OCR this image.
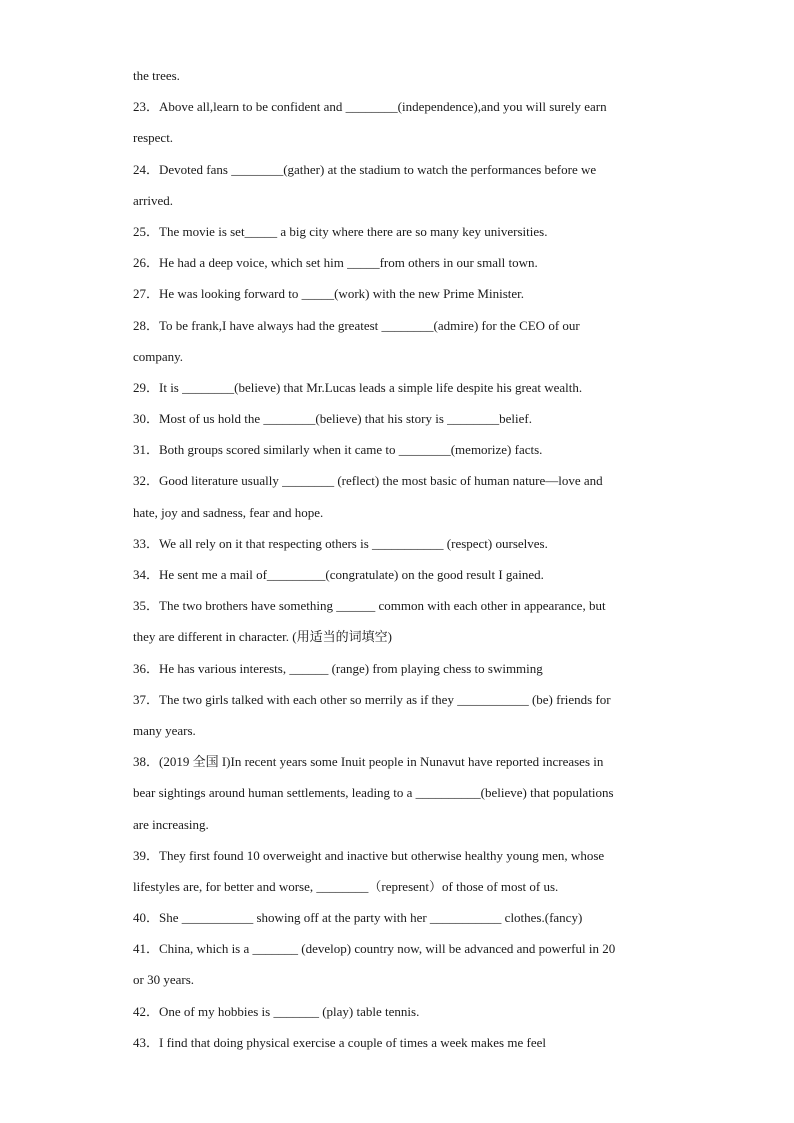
the trees.
23．Above all,learn to be confident and ________(independence),and you will surely earn
respect.
24．Devoted fans ________(gather) at the stadium to watch the performances before we
arrived.
25．The movie is set_____ a big city where there are so many key universities.
26．He had a deep voice, which set him _____from others in our small town.
27．He was looking forward to _____(work) with the new Prime Minister.
28．To be frank,I have always had the greatest ________(admire) for the CEO of our
company.
29．It is ________(believe) that Mr.Lucas leads a simple life despite his great wealth.
30．Most of us hold the ________(believe) that his story is ________belief.
31．Both groups scored similarly when it came to ________(memorize) facts.
32．Good literature usually ________ (reflect) the most basic of human nature—love and
hate, joy and sadness, fear and hope.
33．We all rely on it that respecting others is ___________ (respect) ourselves.
34．He sent me a mail of_________(congratulate) on the good result I gained.
35．The two brothers have something ______ common with each other in appearance, but
they are different in character. (用适当的词填空)
36．He has various interests, ______ (range) from playing chess to swimming
37．The two girls talked with each other so merrily as if they ___________ (be) friends for
many years.
38．(2019 全国 I)In recent years some Inuit people in Nunavut have reported increases in
bear sightings around human settlements, leading to a __________(believe) that populations
are increasing.
39．They first found 10 overweight and inactive but otherwise healthy young men, whose
lifestyles are, for better and worse, ________（represent）of those of most of us.
40．She ___________ showing off at the party with her ___________ clothes.(fancy)
41．China, which is a _______ (develop) country now, will be advanced and powerful in 20
or 30 years.
42．One of my hobbies is _______ (play) table tennis.
43．I find that doing physical exercise a couple of times a week makes me feel
